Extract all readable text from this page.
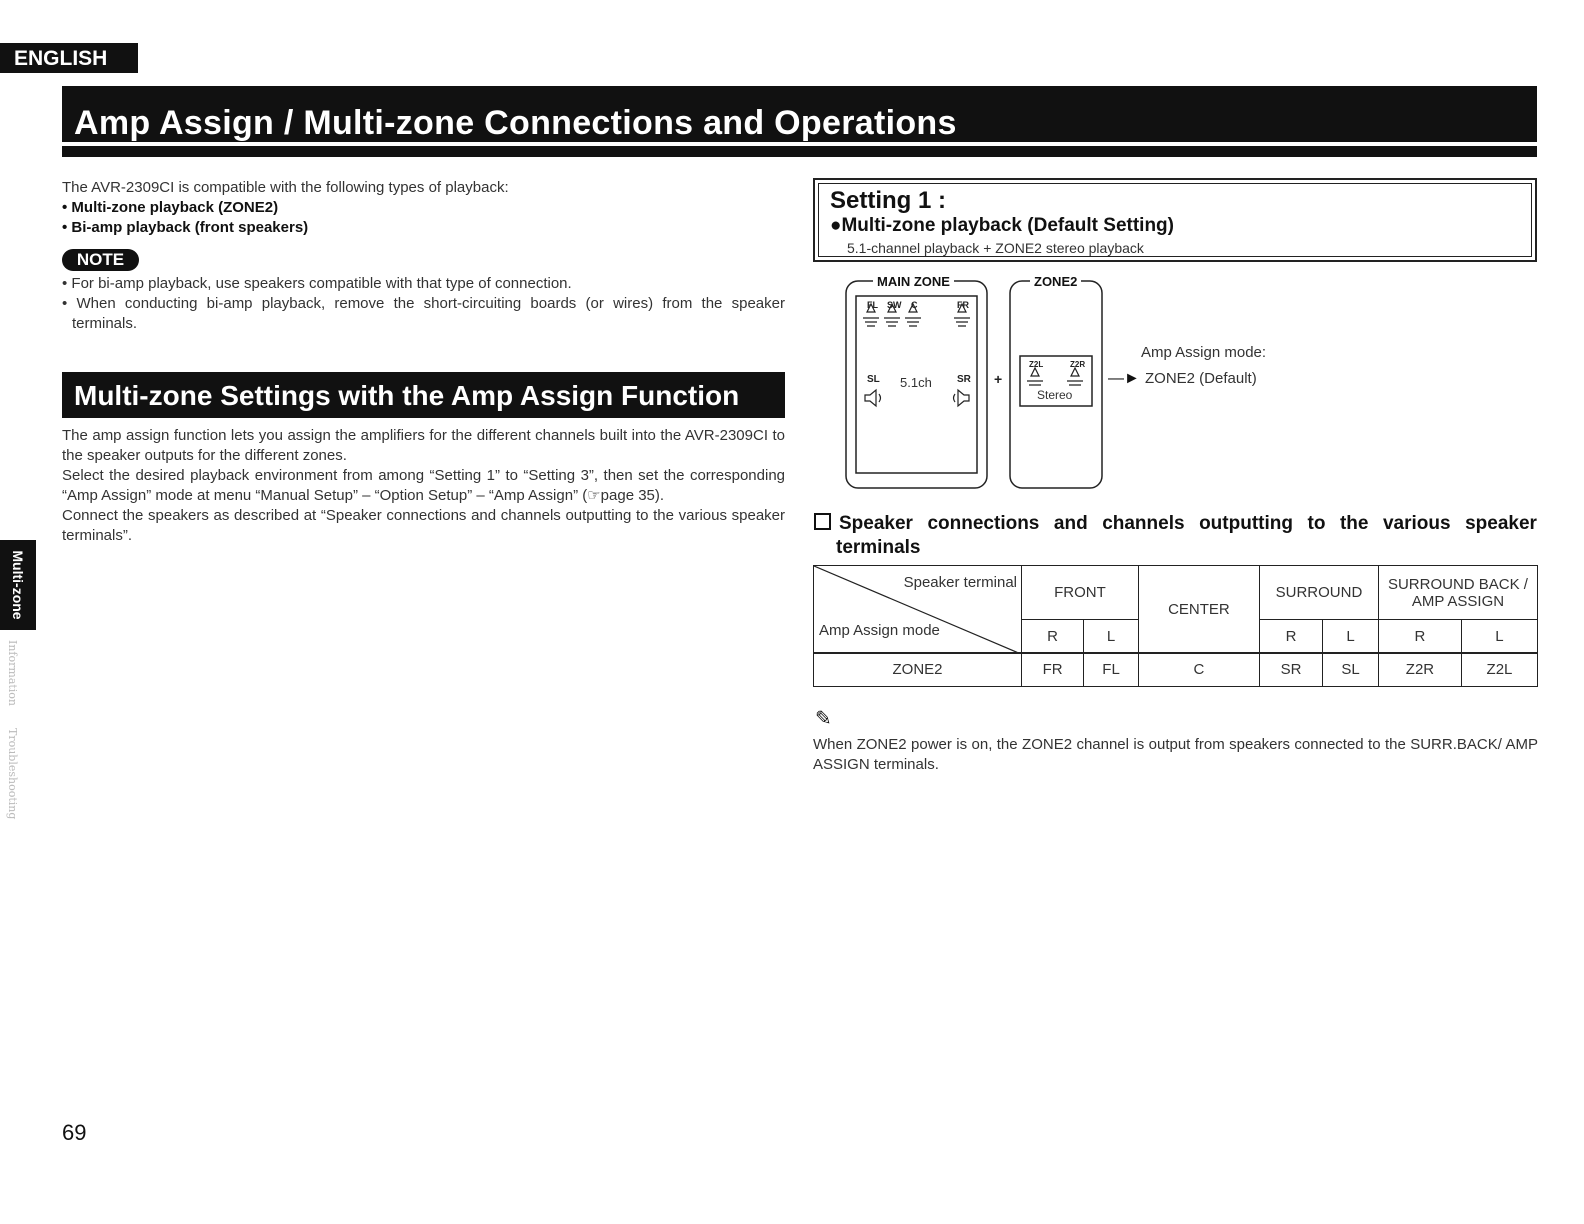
ENGLISH
Amp Assign / Multi-zone Connections and Operations
Information
Troubleshooting
Multi-zone
The AVR-2309CI is compatible with the following types of playback:
• Multi-zone playback (ZONE2)
• Bi-amp playback (front speakers)
NOTE

• For bi-amp playback, use speakers compatible with that type of connection.

• When conducting bi-amp playback, remove the short-circuiting boards (or wires) from the speaker terminals.

Multi-zone Settings with the Amp Assign Function

The amp assign function lets you assign the amplifiers for the different channels built into the AVR-2309CI to the speaker outputs for the different zones.

Select the desired playback environment from among “Setting 1” to “Setting 3”, then set the corresponding “Amp Assign” mode at menu “Manual Setup” – “Option Setup” – “Amp Assign” (☞page 35).

Connect the speakers as described at “Speaker connections and channels outputting to the various speaker terminals”.

Setting 1 :
●Multi-zone playback (Default Setting)
5.1-channel playback + ZONE2 stereo playback
MAIN ZONE	ZONE2
FL SW C	FR
SL	SR
5.1ch	+
Z2L	Z2R
Stereo
Amp Assign mode:
—► ZONE2 (Default)
Speaker connections and channels outputting to the various speaker
terminals
Speaker terminal
Amp Assign mode	FRONT		CENTER	SURROUND		SURROUND BACK / AMP ASSIGN	
	R	L		R	L	R	L
ZONE2	FR	FL	C	SR	SL	Z2R	Z2L
✎

When ZONE2 power is on, the ZONE2 channel is output from speakers connected to the SURR.BACK/ AMP ASSIGN terminals.

69
